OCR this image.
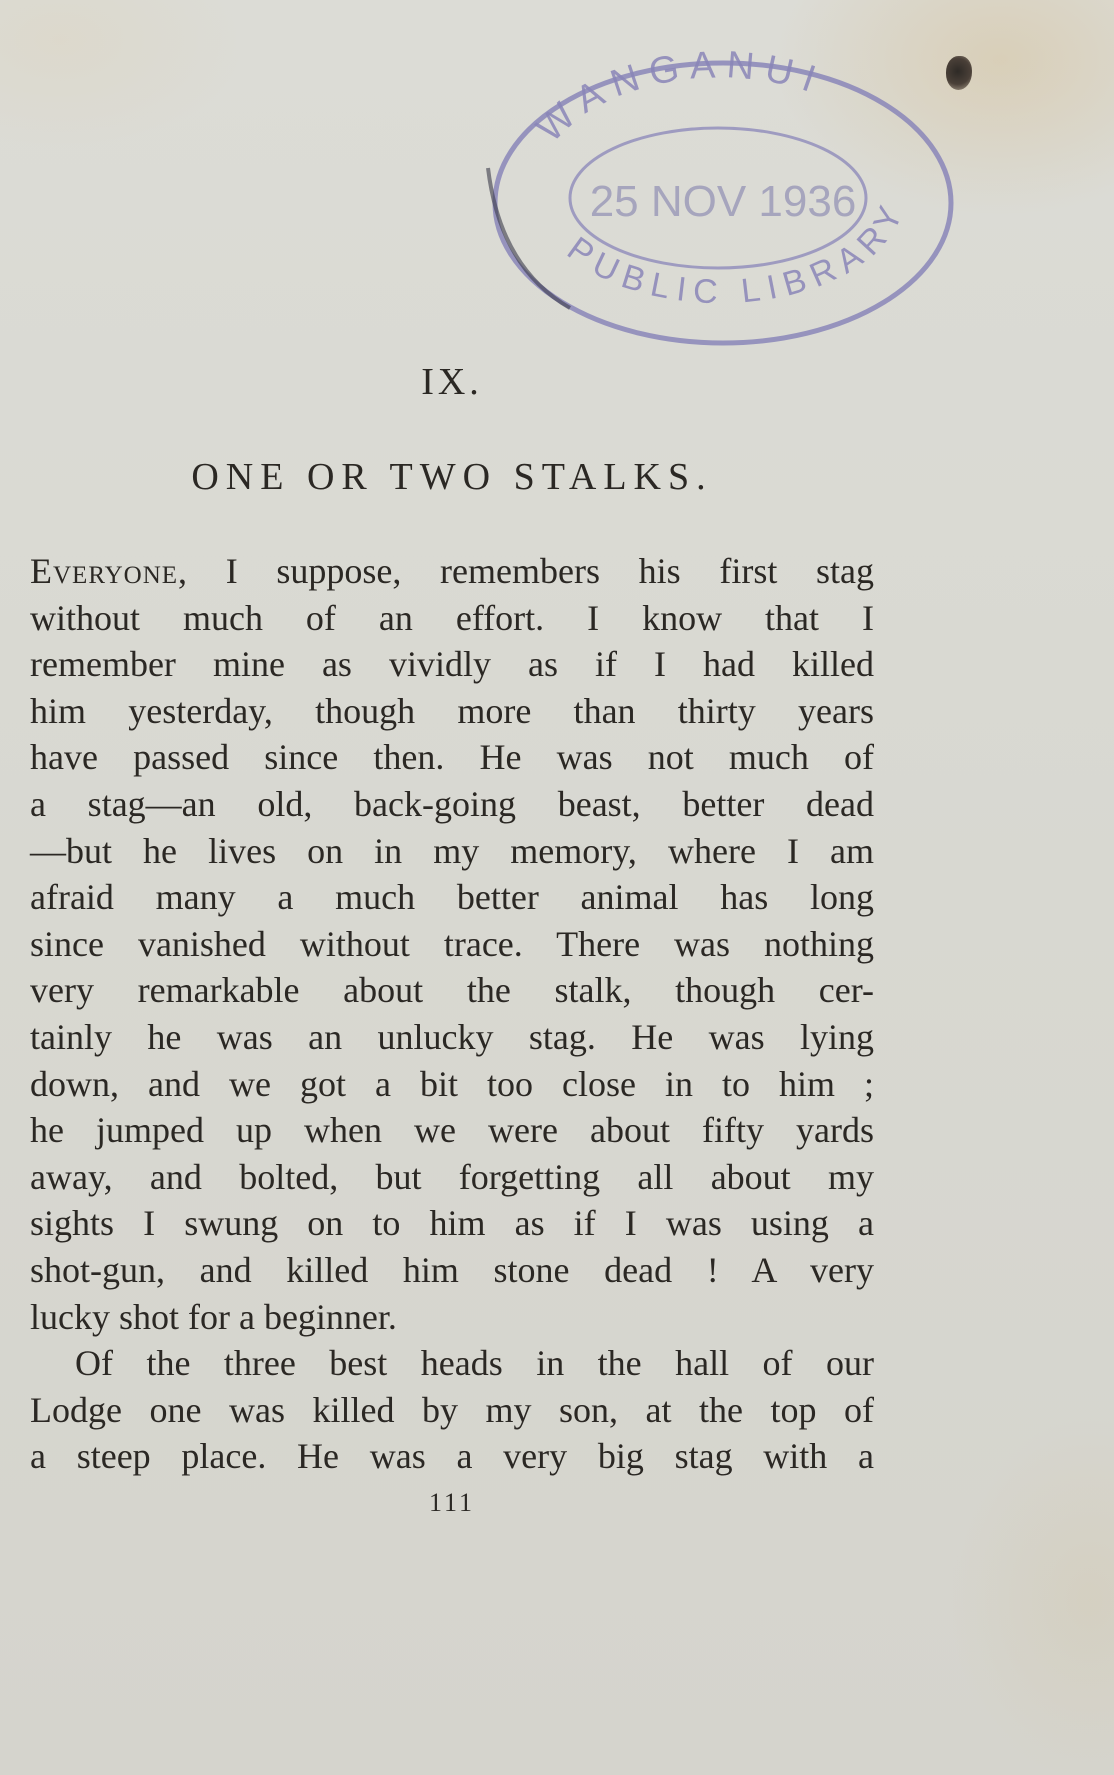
WANGANUI
25 NOV 1936
PUBLIC LIBRARY
IX.
ONE OR TWO STALKS.
Everyone, I suppose, remembers his first stag
without much of an effort. I know that I
remember mine as vividly as if I had killed
him yesterday, though more than thirty years
have passed since then. He was not much of
a stag—an old, back-going beast, better dead
—but he lives on in my memory, where I am
afraid many a much better animal has long
since vanished without trace. There was nothing
very remarkable about the stalk, though cer-
tainly he was an unlucky stag. He was lying
down, and we got a bit too close in to him ;
he jumped up when we were about fifty yards
away, and bolted, but forgetting all about my
sights I swung on to him as if I was using a
shot-gun, and killed him stone dead ! A very
lucky shot for a beginner.
Of the three best heads in the hall of our
Lodge one was killed by my son, at the top of
a steep place. He was a very big stag with a
111
